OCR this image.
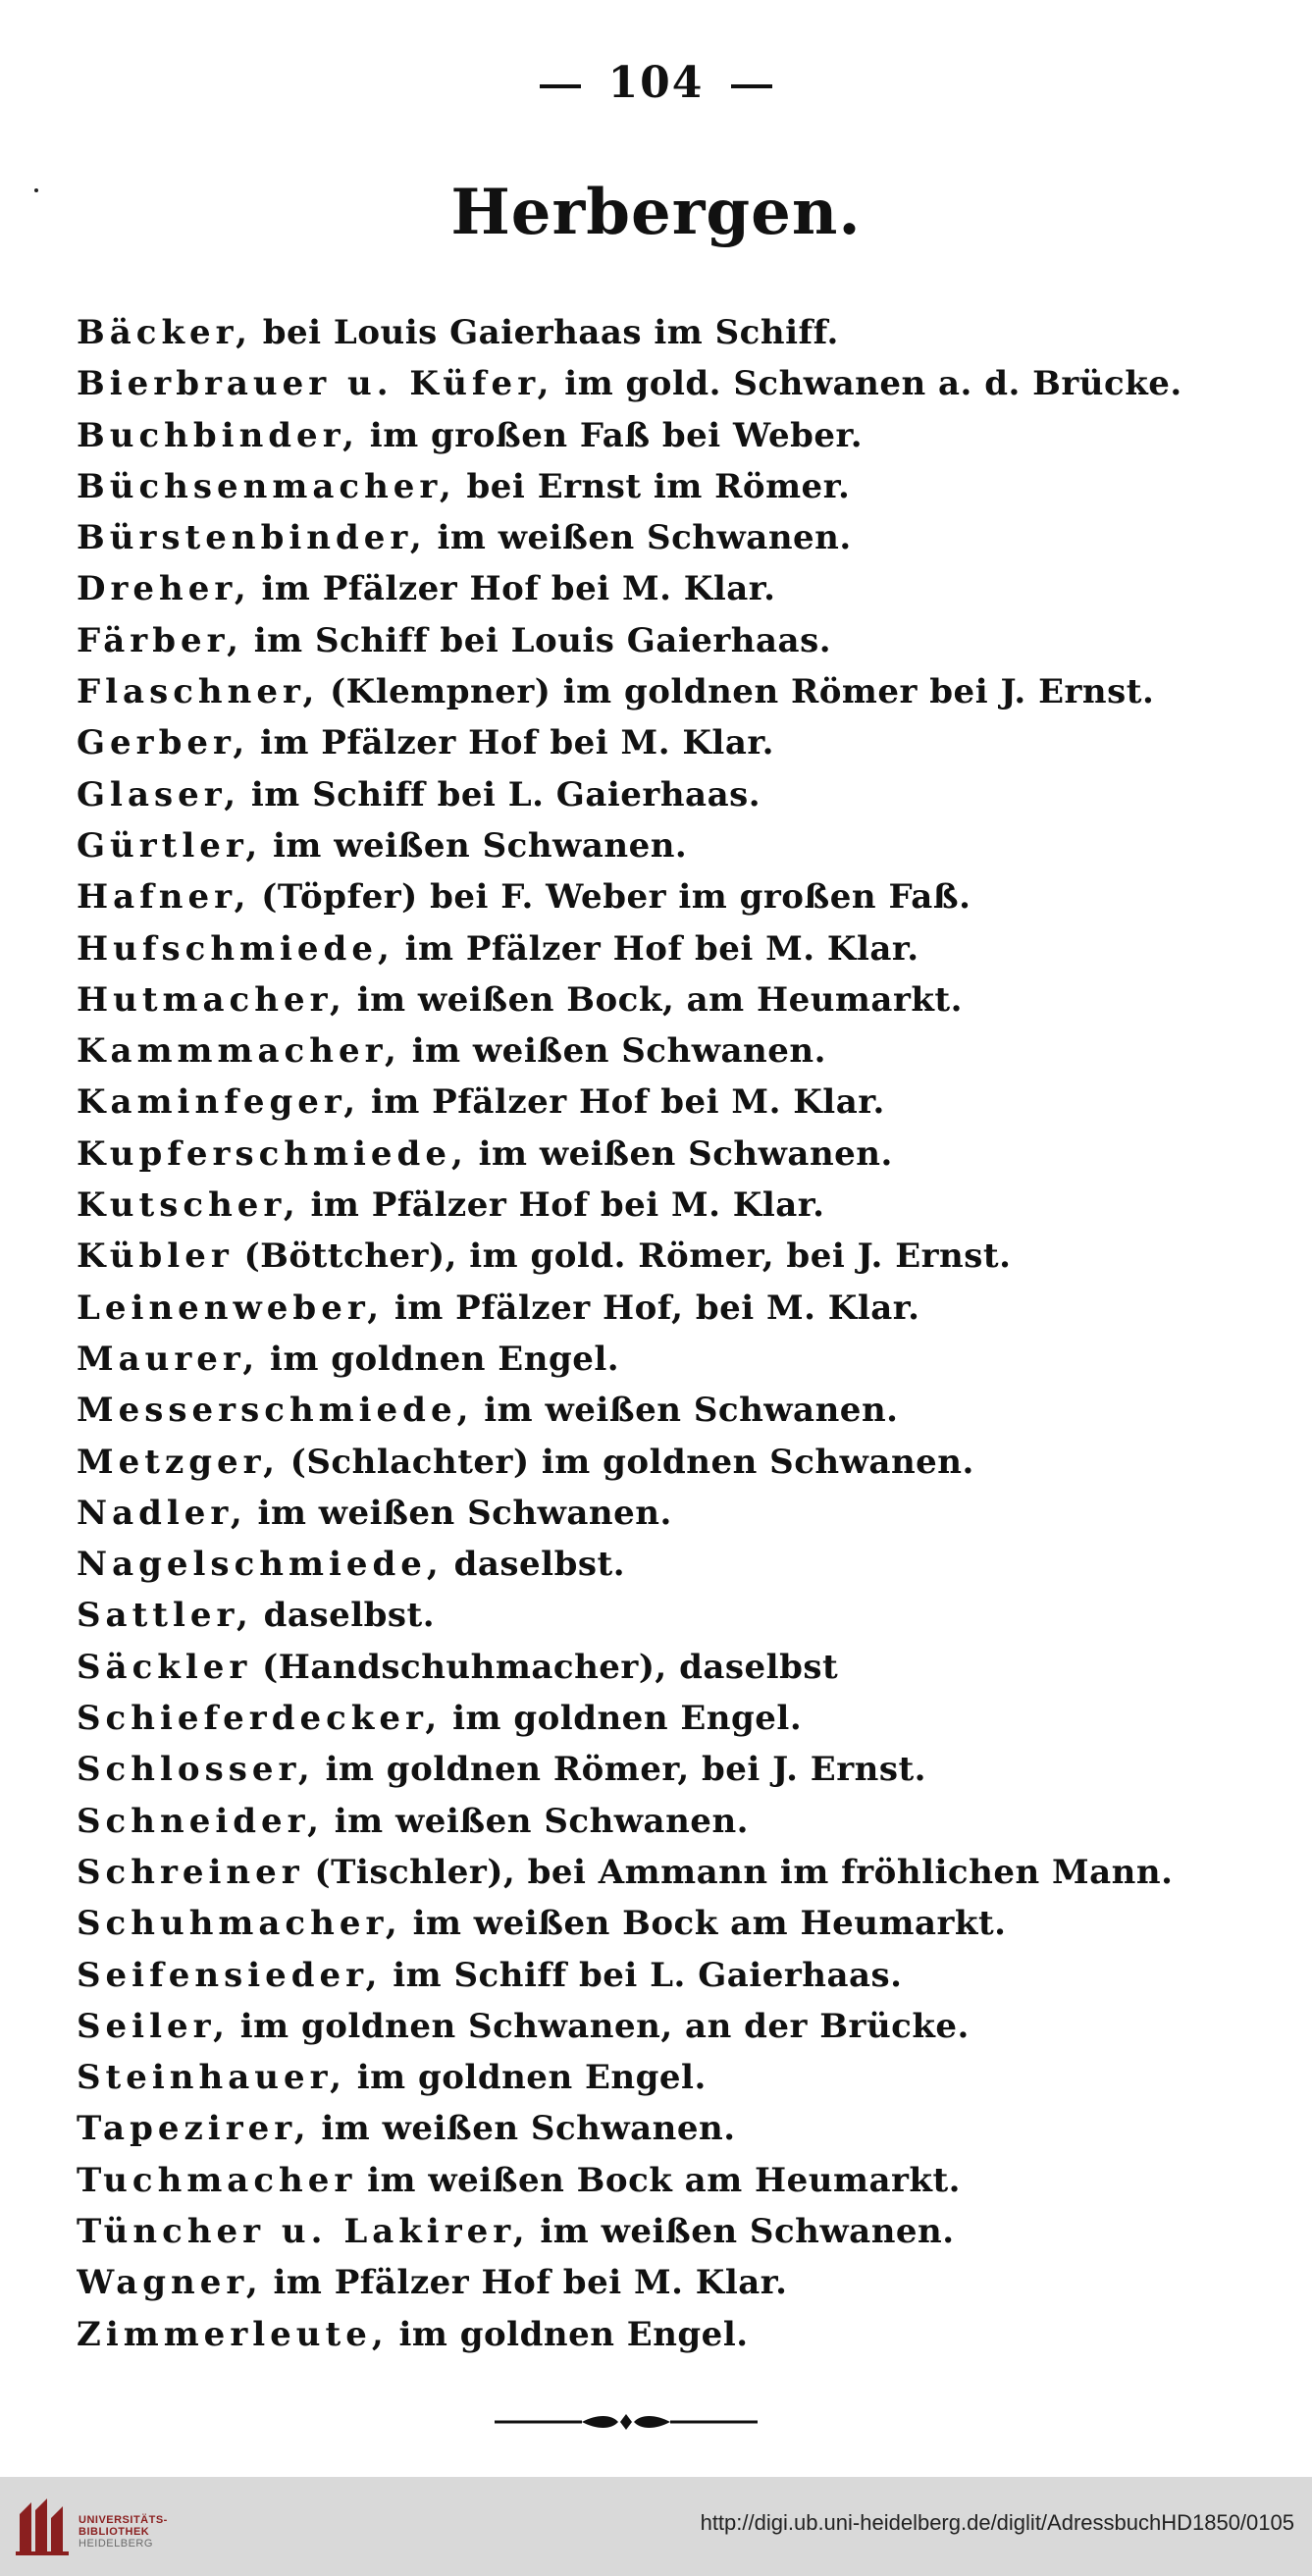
104
Herbergen.
Bäcker, bei Louis Gaierhaas im Schiff.
Bierbrauer u. Küfer, im gold. Schwanen a. d. Brücke.
Buchbinder, im großen Faß bei Weber.
Büchsenmacher, bei Ernst im Römer.
Bürstenbinder, im weißen Schwanen.
Dreher, im Pfälzer Hof bei M. Klar.
Färber, im Schiff bei Louis Gaierhaas.
Flaschner, (Klempner) im goldnen Römer bei J. Ernst.
Gerber, im Pfälzer Hof bei M. Klar.
Glaser, im Schiff bei L. Gaierhaas.
Gürtler, im weißen Schwanen.
Hafner, (Töpfer) bei F. Weber im großen Faß.
Hufschmiede, im Pfälzer Hof bei M. Klar.
Hutmacher, im weißen Bock, am Heumarkt.
Kammmacher, im weißen Schwanen.
Kaminfeger, im Pfälzer Hof bei M. Klar.
Kupferschmiede, im weißen Schwanen.
Kutscher, im Pfälzer Hof bei M. Klar.
Kübler (Böttcher), im gold. Römer, bei J. Ernst.
Leinenweber, im Pfälzer Hof, bei M. Klar.
Maurer, im goldnen Engel.
Messerschmiede, im weißen Schwanen.
Metzger, (Schlachter) im goldnen Schwanen.
Nadler, im weißen Schwanen.
Nagelschmiede, daselbst.
Sattler, daselbst.
Säckler (Handschuhmacher), daselbst
Schieferdecker, im goldnen Engel.
Schlosser, im goldnen Römer, bei J. Ernst.
Schneider, im weißen Schwanen.
Schreiner (Tischler), bei Ammann im fröhlichen Mann.
Schuhmacher, im weißen Bock am Heumarkt.
Seifensieder, im Schiff bei L. Gaierhaas.
Seiler, im goldnen Schwanen, an der Brücke.
Steinhauer, im goldnen Engel.
Tapezirer, im weißen Schwanen.
Tuchmacher im weißen Bock am Heumarkt.
Tüncher u. Lakirer, im weißen Schwanen.
Wagner, im Pfälzer Hof bei M. Klar.
Zimmerleute, im goldnen Engel.
UNIVERSITÄTS-
BIBLIOTHEK
HEIDELBERG
http://digi.ub.uni-heidelberg.de/diglit/AdressbuchHD1850/0105
